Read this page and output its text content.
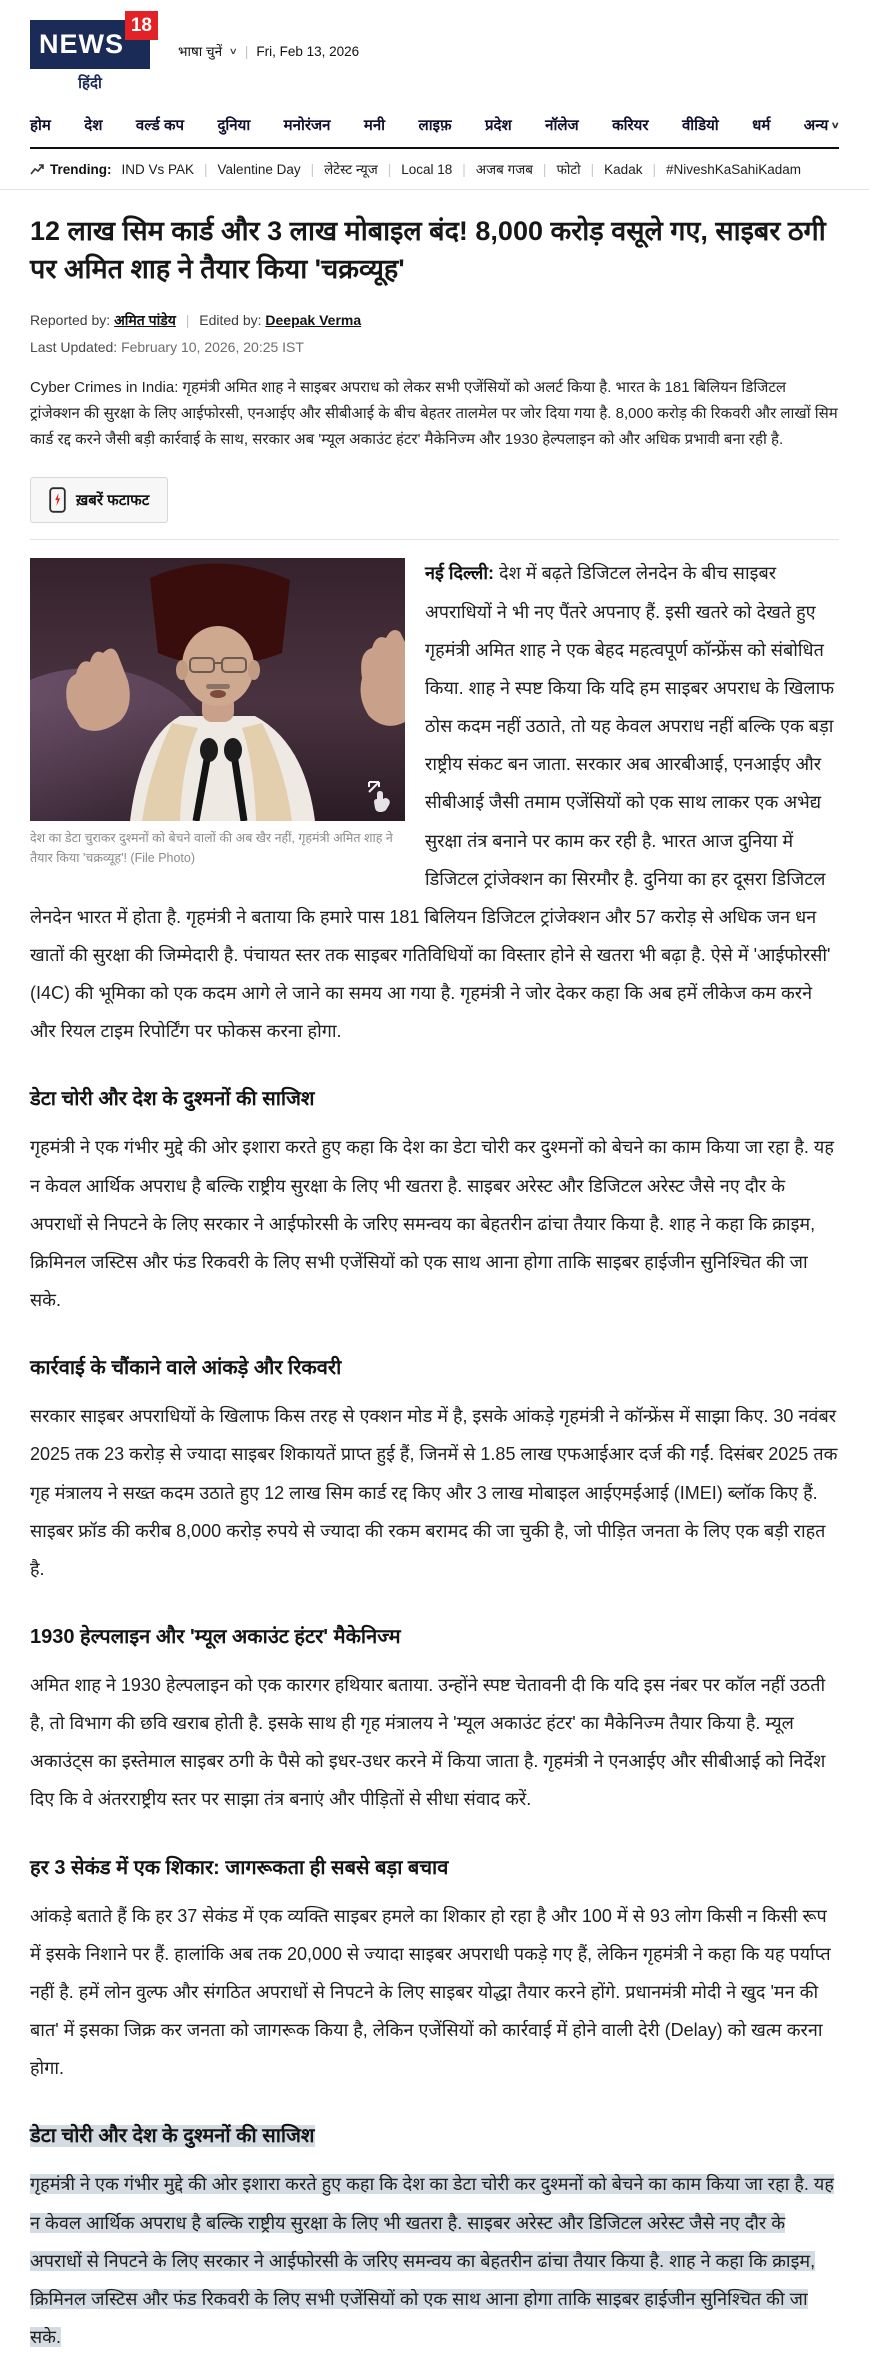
NEWS
18
हिंदी
भाषा चुनें ∨ | Fri, Feb 13, 2026
होम देश वर्ल्ड कप दुनिया मनोरंजन मनी लाइफ़ प्रदेश नॉलेज करियर वीडियो धर्म अन्य ∨
Trending: IND Vs PAK | Valentine Day | लेटेस्ट न्यूज | Local 18 | अजब गजब | फोटो | Kadak | #NiveshKaSahiKadam
12 लाख सिम कार्ड और 3 लाख मोबाइल बंद! 8,000 करोड़ वसूले गए, साइबर ठगी पर अमित शाह ने तैयार किया 'चक्रव्यूह'
Reported by: अमित पांडेय | Edited by: Deepak Verma
Last Updated: February 10, 2026, 20:25 IST

Cyber Crimes in India: गृहमंत्री अमित शाह ने साइबर अपराध को लेकर सभी एजेंसियों को अलर्ट किया है. भारत के 181 बिलियन डिजिटल ट्रांजेक्शन की सुरक्षा के लिए आईफोरसी, एनआईए और सीबीआई के बीच बेहतर तालमेल पर जोर दिया गया है. 8,000 करोड़ की रिकवरी और लाखों सिम कार्ड रद्द करने जैसी बड़ी कार्रवाई के साथ, सरकार अब 'म्यूल अकाउंट हंटर' मैकेनिज्म और 1930 हेल्पलाइन को और अधिक प्रभावी बना रही है.

ख़बरें फटाफट
देश का डेटा चुराकर दुश्मनों को बेचने वालों की अब खैर नहीं, गृहमंत्री अमित शाह ने तैयार किया 'चक्रव्यूह'! (File Photo)

नई दिल्ली: देश में बढ़ते डिजिटल लेनदेन के बीच साइबर अपराधियों ने भी नए पैंतरे अपनाए हैं. इसी खतरे को देखते हुए गृहमंत्री अमित शाह ने एक बेहद महत्वपूर्ण कॉन्फ्रेंस को संबोधित किया. शाह ने स्पष्ट किया कि यदि हम साइबर अपराध के खिलाफ ठोस कदम नहीं उठाते, तो यह केवल अपराध नहीं बल्कि एक बड़ा राष्ट्रीय संकट बन जाता. सरकार अब आरबीआई, एनआईए और सीबीआई जैसी तमाम एजेंसियों को एक साथ लाकर एक अभेद्य सुरक्षा तंत्र बनाने पर काम कर रही है. भारत आज दुनिया में डिजिटल ट्रांजेक्शन का सिरमौर है. दुनिया का हर दूसरा डिजिटल लेनदेन भारत में होता है. गृहमंत्री ने बताया कि हमारे पास 181 बिलियन डिजिटल ट्रांजेक्शन और 57 करोड़ से अधिक जन धन खातों की सुरक्षा की जिम्मेदारी है. पंचायत स्तर तक साइबर गतिविधियों का विस्तार होने से खतरा भी बढ़ा है. ऐसे में 'आईफोरसी' (I4C) की भूमिका को एक कदम आगे ले जाने का समय आ गया है. गृहमंत्री ने जोर देकर कहा कि अब हमें लीकेज कम करने और रियल टाइम रिपोर्टिंग पर फोकस करना होगा.

डेटा चोरी और देश के दुश्मनों की साजिश

गृहमंत्री ने एक गंभीर मुद्दे की ओर इशारा करते हुए कहा कि देश का डेटा चोरी कर दुश्मनों को बेचने का काम किया जा रहा है. यह न केवल आर्थिक अपराध है बल्कि राष्ट्रीय सुरक्षा के लिए भी खतरा है. साइबर अरेस्ट और डिजिटल अरेस्ट जैसे नए दौर के अपराधों से निपटने के लिए सरकार ने आईफोरसी के जरिए समन्वय का बेहतरीन ढांचा तैयार किया है. शाह ने कहा कि क्राइम, क्रिमिनल जस्टिस और फंड रिकवरी के लिए सभी एजेंसियों को एक साथ आना होगा ताकि साइबर हाईजीन सुनिश्चित की जा सके.

कार्रवाई के चौंकाने वाले आंकड़े और रिकवरी

सरकार साइबर अपराधियों के खिलाफ किस तरह से एक्शन मोड में है, इसके आंकड़े गृहमंत्री ने कॉन्फ्रेंस में साझा किए. 30 नवंबर 2025 तक 23 करोड़ से ज्यादा साइबर शिकायतें प्राप्त हुई हैं, जिनमें से 1.85 लाख एफआईआर दर्ज की गईं. दिसंबर 2025 तक गृह मंत्रालय ने सख्त कदम उठाते हुए 12 लाख सिम कार्ड रद्द किए और 3 लाख मोबाइल आईएमईआई (IMEI) ब्लॉक किए हैं. साइबर फ्रॉड की करीब 8,000 करोड़ रुपये से ज्यादा की रकम बरामद की जा चुकी है, जो पीड़ित जनता के लिए एक बड़ी राहत है.

1930 हेल्पलाइन और 'म्यूल अकाउंट हंटर' मैकेनिज्म

अमित शाह ने 1930 हेल्पलाइन को एक कारगर हथियार बताया. उन्होंने स्पष्ट चेतावनी दी कि यदि इस नंबर पर कॉल नहीं उठती है, तो विभाग की छवि खराब होती है. इसके साथ ही गृह मंत्रालय ने 'म्यूल अकाउंट हंटर' का मैकेनिज्म तैयार किया है. म्यूल अकाउंट्स का इस्तेमाल साइबर ठगी के पैसे को इधर-उधर करने में किया जाता है. गृहमंत्री ने एनआईए और सीबीआई को निर्देश दिए कि वे अंतरराष्ट्रीय स्तर पर साझा तंत्र बनाएं और पीड़ितों से सीधा संवाद करें.

हर 3 सेकंड में एक शिकार: जागरूकता ही सबसे बड़ा बचाव

आंकड़े बताते हैं कि हर 37 सेकंड में एक व्यक्ति साइबर हमले का शिकार हो रहा है और 100 में से 93 लोग किसी न किसी रूप में इसके निशाने पर हैं. हालांकि अब तक 20,000 से ज्यादा साइबर अपराधी पकड़े गए हैं, लेकिन गृहमंत्री ने कहा कि यह पर्याप्त नहीं है. हमें लोन वुल्फ और संगठित अपराधों से निपटने के लिए साइबर योद्धा तैयार करने होंगे. प्रधानमंत्री मोदी ने खुद 'मन की बात' में इसका जिक्र कर जनता को जागरूक किया है, लेकिन एजेंसियों को कार्रवाई में होने वाली देरी (Delay) को खत्म करना होगा.

डेटा चोरी और देश के दुश्मनों की साजिश

गृहमंत्री ने एक गंभीर मुद्दे की ओर इशारा करते हुए कहा कि देश का डेटा चोरी कर दुश्मनों को बेचने का काम किया जा रहा है. यह न केवल आर्थिक अपराध है बल्कि राष्ट्रीय सुरक्षा के लिए भी खतरा है. साइबर अरेस्ट और डिजिटल अरेस्ट जैसे नए दौर के अपराधों से निपटने के लिए सरकार ने आईफोरसी के जरिए समन्वय का बेहतरीन ढांचा तैयार किया है. शाह ने कहा कि क्राइम, क्रिमिनल जस्टिस और फंड रिकवरी के लिए सभी एजेंसियों को एक साथ आना होगा ताकि साइबर हाईजीन सुनिश्चित की जा सके.
